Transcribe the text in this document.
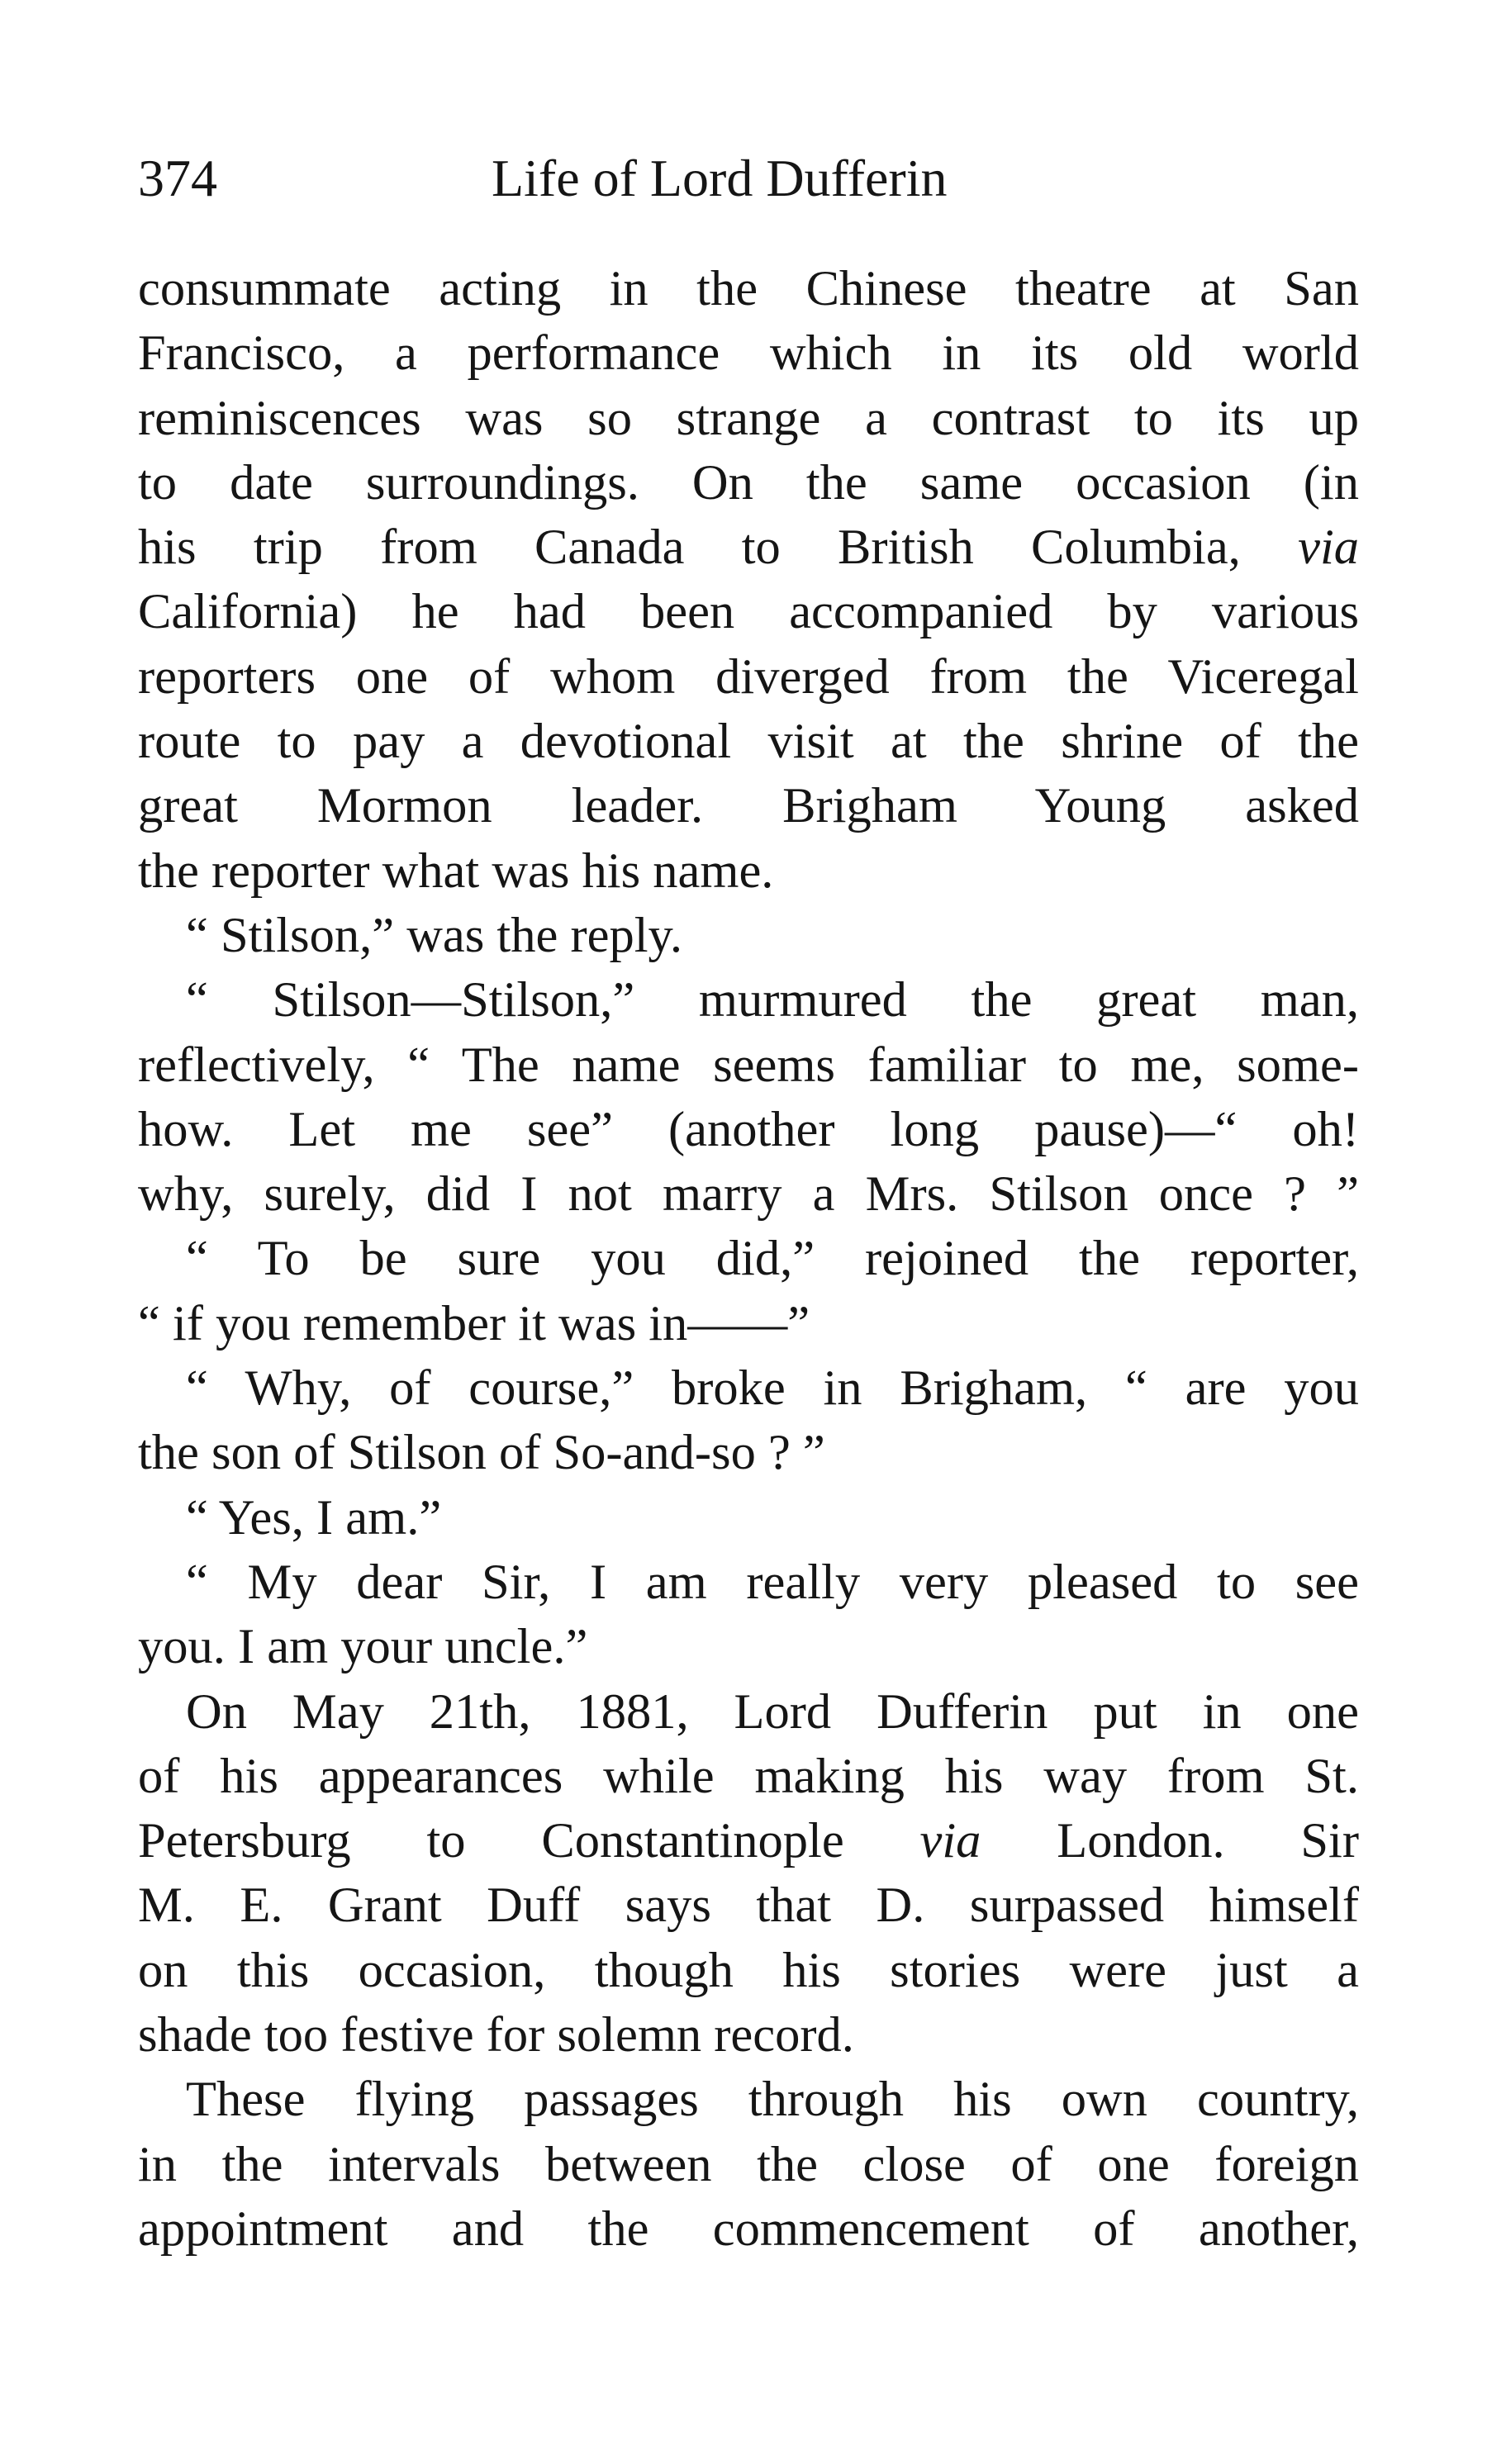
374	Life of Lord Dufferin
consummate acting in the Chinese theatre at San
Francisco, a performance which in its old world
reminiscences was so strange a contrast to its up
to date surroundings. On the same occasion (in
his trip from Canada to British Columbia, via
California) he had been accompanied by various
reporters one of whom diverged from the Viceregal
route to pay a devotional visit at the shrine of the
great Mormon leader. Brigham Young asked
the reporter what was his name.
“ Stilson,” was the reply.
“ Stilson—Stilson,” murmured the great man,
reflectively, “ The name seems familiar to me, some-
how. Let me see” (another long pause)—“ oh!
why, surely, did I not marry a Mrs. Stilson once ? ”
“ To be sure you did,” rejoined the reporter,
“ if you remember it was in——”
“ Why, of course,” broke in Brigham, “ are you
the son of Stilson of So-and-so ? ”
“ Yes, I am.”
“ My dear Sir, I am really very pleased to see
you. I am your uncle.”
On May 21th, 1881, Lord Dufferin put in one
of his appearances while making his way from St.
Petersburg to Constantinople via London. Sir
M. E. Grant Duff says that D. surpassed himself
on this occasion, though his stories were just a
shade too festive for solemn record.
These flying passages through his own country,
in the intervals between the close of one foreign
appointment and the commencement of another,
